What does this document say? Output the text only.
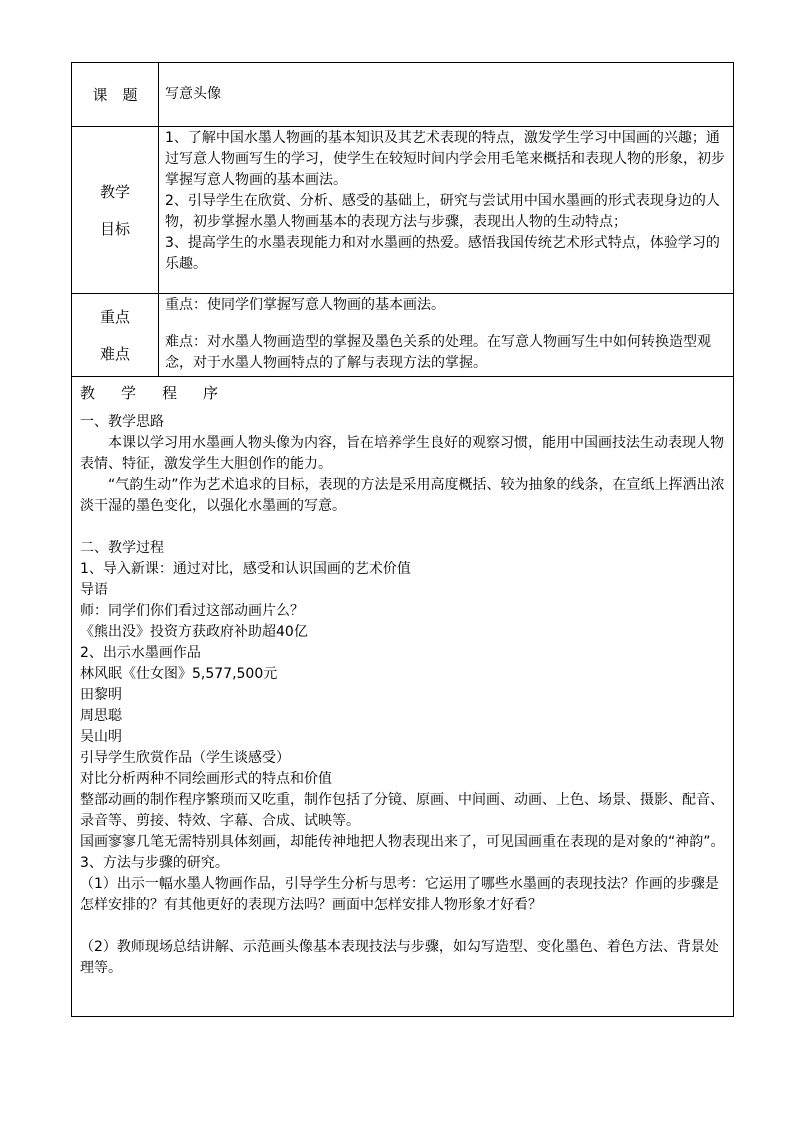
课　题	写意头像
教学
目标

1、了解中国水墨人物画的基本知识及其艺术表现的特点，激发学生学习中国画的兴趣；通过写意人物画写生的学习，使学生在较短时间内学会用毛笔来概括和表现人物的形象，初步掌握写意人物画的基本画法。

2、引导学生在欣赏、分析、感受的基础上，研究与尝试用中国水墨画的形式表现身边的人物，初步掌握水墨人物画基本的表现方法与步骤，表现出人物的生动特点；

3、提高学生的水墨表现能力和对水墨画的热爱。感悟我国传统艺术形式特点，体验学习的乐趣。

重点
难点

重点：使同学们掌握写意人物画的基本画法。

难点：对水墨人物画造型的掌握及墨色关系的处理。在写意人物画写生中如何转换造型观念，对于水墨人物画特点的了解与表现方法的掌握。

教 学 程 序

一、教学思路

本课以学习用水墨画人物头像为内容，旨在培养学生良好的观察习惯，能用中国画技法生动表现人物表情、特征，激发学生大胆创作的能力。

“气韵生动”作为艺术追求的目标，表现的方法是采用高度概括、较为抽象的线条，在宣纸上挥洒出浓淡干湿的墨色变化，以强化水墨画的写意。

二、教学过程

1、导入新课：通过对比，感受和认识国画的艺术价值

导语

师：同学们你们看过这部动画片么？

《熊出没》投资方获政府补助超40亿

2、出示水墨画作品

林风眠《仕女图》5,577,500元

田黎明

周思聪

吴山明

引导学生欣赏作品（学生谈感受）

对比分析两种不同绘画形式的特点和价值

整部动画的制作程序繁琐而又吃重，制作包括了分镜、原画、中间画、动画、上色、场景、摄影、配音、录音等、剪接、特效、字幕、合成、试映等。

国画寥寥几笔无需特别具体刻画，却能传神地把人物表现出来了，可见国画重在表现的是对象的“神韵”。

3、方法与步骤的研究。

（1）出示一幅水墨人物画作品，引导学生分析与思考：它运用了哪些水墨画的表现技法？作画的步骤是怎样安排的？有其他更好的表现方法吗？画面中怎样安排人物形象才好看？

（2）教师现场总结讲解、示范画头像基本表现技法与步骤，如勾写造型、变化墨色、着色方法、背景处理等。
